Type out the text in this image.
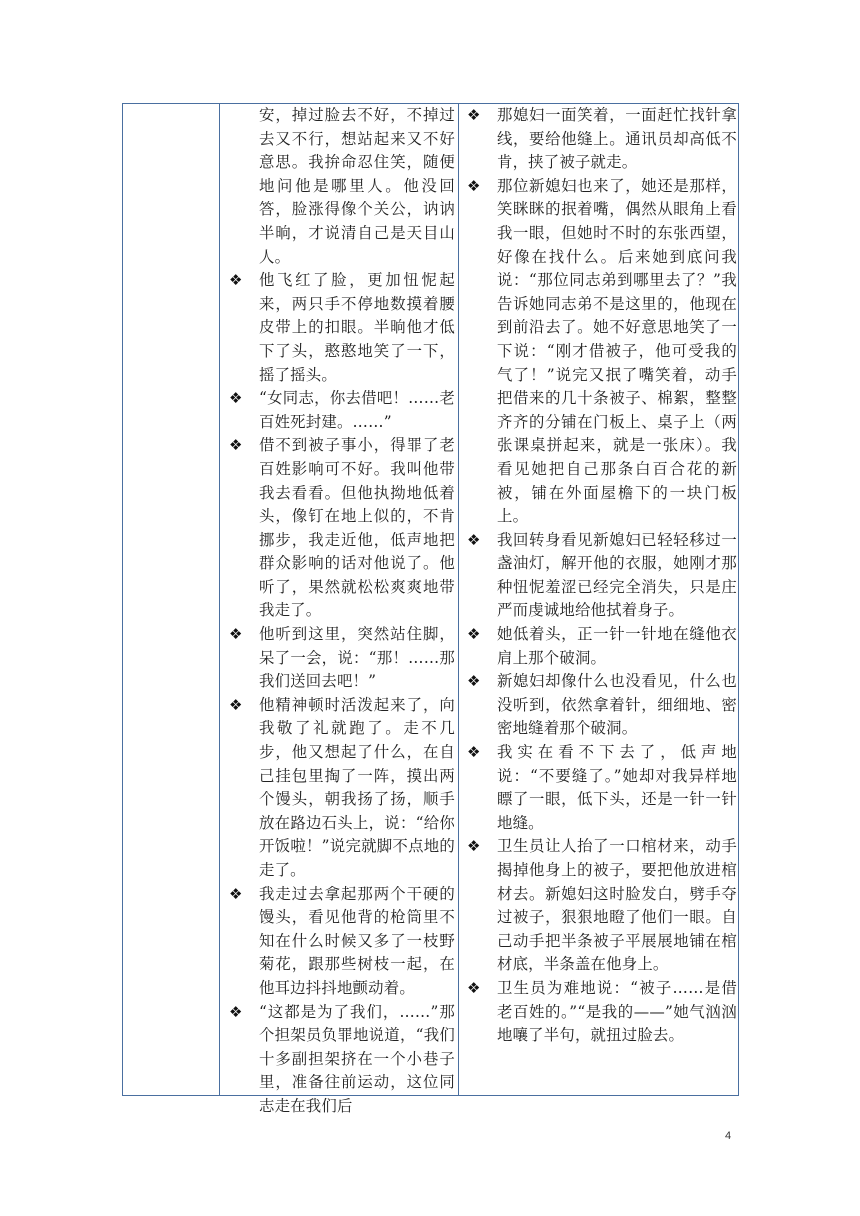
安，掉过脸去不好，不掉过去又不行，想站起来又不好意思。我拚命忍住笑，随便地问他是哪里人。他没回答，脸涨得像个关公，讷讷半晌，才说清自己是天目山人。

❖ 他飞红了脸，更加忸怩起来，两只手不停地数摸着腰皮带上的扣眼。半晌他才低下了头，憨憨地笑了一下，摇了摇头。

❖ “女同志，你去借吧！……老百姓死封建。……”

❖ 借不到被子事小，得罪了老百姓影响可不好。我叫他带我去看看。但他执拗地低着头，像钉在地上似的，不肯挪步，我走近他，低声地把群众影响的话对他说了。他听了，果然就松松爽爽地带我走了。

❖ 他听到这里，突然站住脚，呆了一会，说：“那！……那我们送回去吧！”

❖ 他精神顿时活泼起来了，向我敬了礼就跑了。走不几步，他又想起了什么，在自己挂包里掏了一阵，摸出两个馒头，朝我扬了扬，顺手放在路边石头上，说：“给你开饭啦！”说完就脚不点地的走了。

❖ 我走过去拿起那两个干硬的馒头，看见他背的枪筒里不知在什么时候又多了一枝野菊花，跟那些树枝一起，在他耳边抖抖地颤动着。

❖ “这都是为了我们，……”那个担架员负罪地说道，“我们十多副担架挤在一个小巷子里，准备往前运动，这位同志走在我们后

❖ 那媳妇一面笑着，一面赶忙找针拿线，要给他缝上。通讯员却高低不肯，挟了被子就走。

❖ 那位新媳妇也来了，她还是那样，笑眯眯的抿着嘴，偶然从眼角上看我一眼，但她时不时的东张西望，好像在找什么。后来她到底问我说：“那位同志弟到哪里去了？”我告诉她同志弟不是这里的，他现在到前沿去了。她不好意思地笑了一下说：“刚才借被子，他可受我的气了！”说完又抿了嘴笑着，动手把借来的几十条被子、棉絮，整整齐齐的分铺在门板上、桌子上（两张课桌拼起来，就是一张床）。我看见她把自己那条白百合花的新被，铺在外面屋檐下的一块门板上。

❖ 我回转身看见新媳妇已轻轻移过一盏油灯，解开他的衣服，她刚才那种忸怩羞涩已经完全消失，只是庄严而虔诚地给他拭着身子。

❖ 她低着头，正一针一针地在缝他衣肩上那个破洞。

❖ 新媳妇却像什么也没看见，什么也没听到，依然拿着针，细细地、密密地缝着那个破洞。

❖ 我实在看不下去了，低声地说：“不要缝了。”她却对我异样地瞟了一眼，低下头，还是一针一针地缝。

❖ 卫生员让人抬了一口棺材来，动手揭掉他身上的被子，要把他放进棺材去。新媳妇这时脸发白，劈手夺过被子，狠狠地瞪了他们一眼。自己动手把半条被子平展展地铺在棺材底，半条盖在他身上。

❖ 卫生员为难地说：“被子……是借老百姓的。”“是我的——”她气汹汹地嚷了半句，就扭过脸去。

4
